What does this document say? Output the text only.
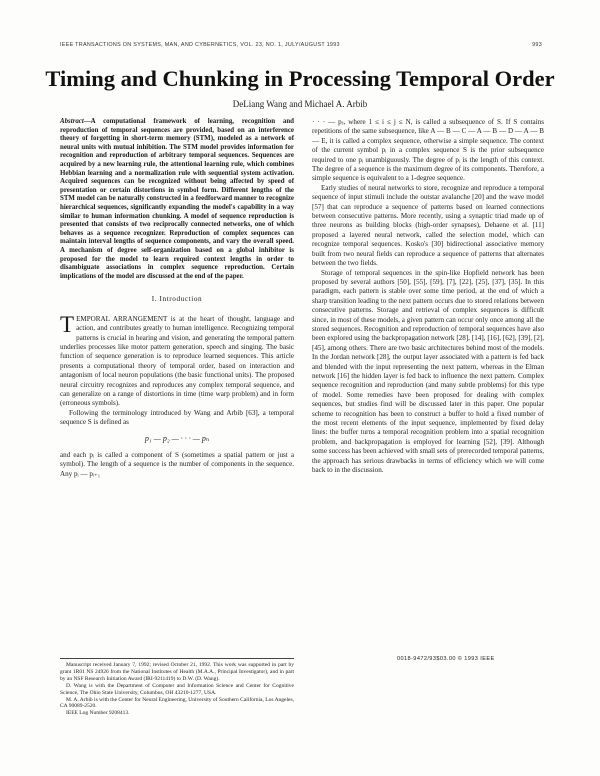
IEEE TRANSACTIONS ON SYSTEMS, MAN, AND CYBERNETICS, VOL. 23, NO. 1, JULY/AUGUST 1993	993
Timing and Chunking in Processing Temporal Order
DeLiang Wang and Michael A. Arbib
Abstract—A computational framework of learning, recognition and reproduction of temporal sequences are provided, based on an interference theory of forgetting in short-term memory (STM), modeled as a network of neural units with mutual inhibition. The STM model provides information for recognition and reproduction of arbitrary temporal sequences. Sequences are acquired by a new learning rule, the attentional learning rule, which combines Hebbian learning and a normalization rule with sequential system activation. Acquired sequences can be recognized without being affected by speed of presentation or certain distortions in symbol form. Different lengths of the STM model can be naturally constructed in a feedforward manner to recognize hierarchical sequences, significantly expanding the model's capability in a way similar to human information chunking. A model of sequence reproduction is presented that consists of two reciprocally connected networks, one of which behaves as a sequence recognizer. Reproduction of complex sequences can maintain interval lengths of sequence components, and vary the overall speed. A mechanism of degree self-organization based on a global inhibitor is proposed for the model to learn required context lengths in order to disambiguate associations in complex sequence reproduction. Certain implications of the model are discussed at the end of the paper.
I. Introduction

TEMPORAL ARRANGEMENT is at the heart of thought, language and action, and contributes greatly to human intelligence. Recognizing temporal patterns is crucial in hearing and vision, and generating the temporal pattern underlies processes like motor pattern generation, speech and singing. The basic function of sequence generation is to reproduce learned sequences. This article presents a computational theory of temporal order, based on interaction and antagonism of local neuron populations (the basic functional units). The proposed neural circuitry recognizes and reproduces any complex temporal sequence, and can generalize on a range of distortions in time (time warp problem) and in form (erroneous symbols).

Following the terminology introduced by Wang and Arbib [63], a temporal sequence S is defined as

p₁ — p₂ — · · · — pₙ

and each pᵢ is called a component of S (sometimes a spatial pattern or just a symbol). The length of a sequence is the number of components in the sequence. Any pᵢ — pᵢ₊₁

Manuscript received January 7, 1992; revised October 21, 1992. This work was supported in part by grant 1R01 NS 24926 from the National Institutes of Health (M.A.A., Principal Investigator), and in part by an NSF Research Initiation Award (IRI-9211419) to D.W. (D. Wang).

D. Wang is with the Department of Computer and Information Science and Center for Cognitive Science, The Ohio State University, Columbus, OH 43210-1277, USA.

M. A. Arbib is with the Center for Neural Engineering, University of Southern California, Los Angeles, CA 90089-2520.

IEEE Log Number 9208413.

· · · — pⱼ, where 1 ≤ i ≤ j ≤ N, is called a subsequence of S. If S contains repetitions of the same subsequence, like A — B — C — A — B — D — A — B — E, it is called a complex sequence, otherwise a simple sequence. The context of the current symbol pᵢ in a complex sequence S is the prior subsequence required to one pᵢ unambiguously. The degree of pᵢ is the length of this context. The degree of a sequence is the maximum degree of its components. Therefore, a simple sequence is equivalent to a 1-degree sequence.

Early studies of neural networks to store, recognize and reproduce a temporal sequence of input stimuli include the outstar avalanche [20] and the wave model [57] that can reproduce a sequence of patterns based on learned connections between consecutive patterns. More recently, using a synaptic triad made up of three neurons as building blocks (high-order synapses), Dehaene et al. [11] proposed a layered neural network, called the selection model, which can recognize temporal sequences. Kosko's [30] bidirectional associative memory built from two neural fields can reproduce a sequence of patterns that alternates between the two fields.

Storage of temporal sequences in the spin-like Hopfield network has been proposed by several authors [50], [55], [59], [7], [22], [25], [37], [35]. In this paradigm, each pattern is stable over some time period, at the end of which a sharp transition leading to the next pattern occurs due to stored relations between consecutive patterns. Storage and retrieval of complex sequences is difficult since, in most of these models, a given pattern can occur only once among all the stored sequences. Recognition and reproduction of temporal sequences have also been explored using the backpropagation network [28], [14], [16], [62], [39], [2], [45], among others. There are two basic architectures behind most of the models. In the Jordan network [28], the output layer associated with a pattern is fed back and blended with the input representing the next pattern, whereas in the Elman network [16] the hidden layer is fed back to influence the next pattern. Complex sequence recognition and reproduction (and many subtle problems) for this type of model. Some remedies have been proposed for dealing with complex sequences, but studies find will be discussed later in this paper. One popular scheme to recognition has been to construct a buffer to hold a fixed number of the most recent elements of the input sequence, implemented by fixed delay lines: the buffer turns a temporal recognition problem into a spatial recognition problem, and backpropagation is employed for learning [52], [39]. Although some success has been achieved with small sets of prerecorded temporal patterns, the approach has serious drawbacks in terms of efficiency which we will come back to in the discussion.

0018-9472/93$03.00 © 1993 IEEE
